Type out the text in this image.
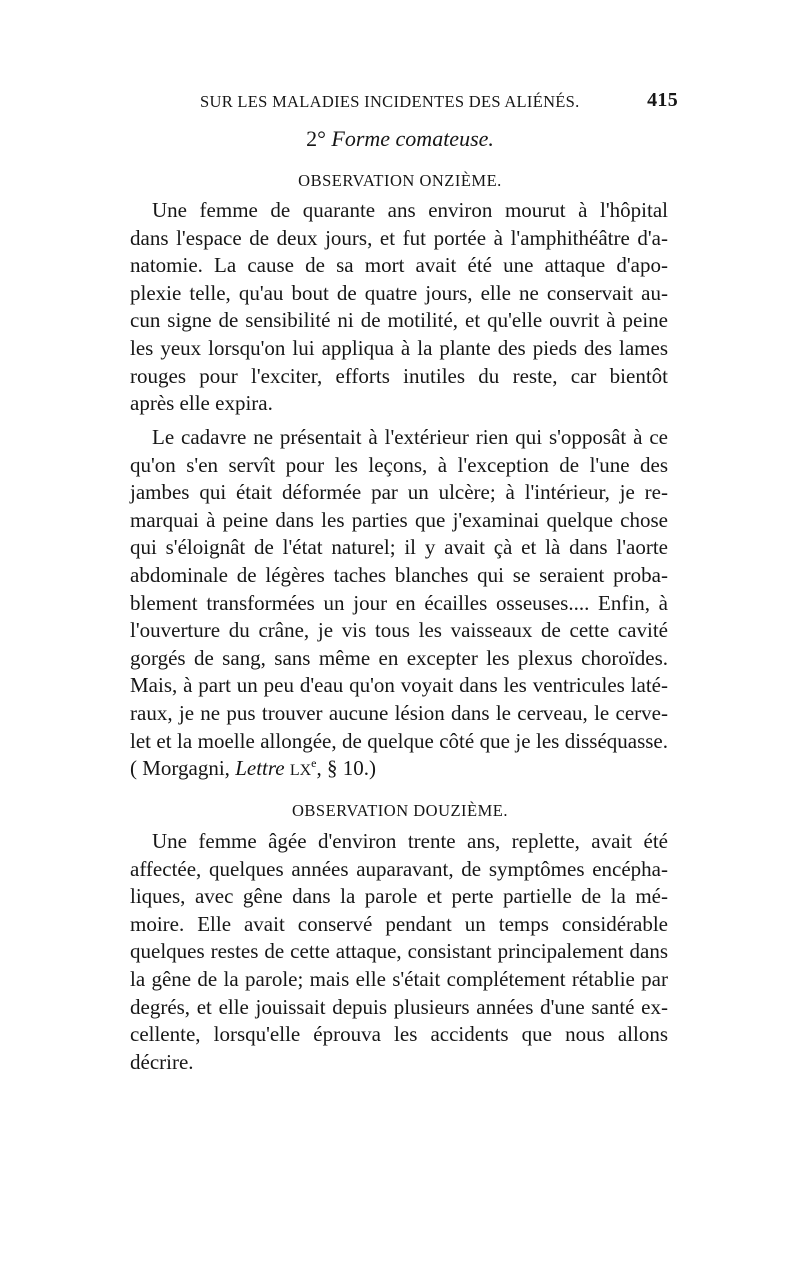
SUR LES MALADIES INCIDENTES DES ALIÉNÉS.	415
2° Forme comateuse.
OBSERVATION ONZIÈME.
Une femme de quarante ans environ mourut à l'hôpital
dans l'espace de deux jours, et fut portée à l'amphithéâtre d'a-
natomie. La cause de sa mort avait été une attaque d'apo-
plexie telle, qu'au bout de quatre jours, elle ne conservait au-
cun signe de sensibilité ni de motilité, et qu'elle ouvrit à peine
les yeux lorsqu'on lui appliqua à la plante des pieds des lames
rouges pour l'exciter, efforts inutiles du reste, car bientôt
après elle expira.
Le cadavre ne présentait à l'extérieur rien qui s'opposât à ce
qu'on s'en servît pour les leçons, à l'exception de l'une des
jambes qui était déformée par un ulcère; à l'intérieur, je re-
marquai à peine dans les parties que j'examinai quelque chose
qui s'éloignât de l'état naturel; il y avait çà et là dans l'aorte
abdominale de légères taches blanches qui se seraient proba-
blement transformées un jour en écailles osseuses.... Enfin, à
l'ouverture du crâne, je vis tous les vaisseaux de cette cavité
gorgés de sang, sans même en excepter les plexus choroïdes.
Mais, à part un peu d'eau qu'on voyait dans les ventricules laté-
raux, je ne pus trouver aucune lésion dans le cerveau, le cerve-
let et la moelle allongée, de quelque côté que je les disséquasse.
( Morgagni, Lettre LXe, § 10.)
OBSERVATION DOUZIÈME.
Une femme âgée d'environ trente ans, replette, avait été
affectée, quelques années auparavant, de symptômes encépha-
liques, avec gêne dans la parole et perte partielle de la mé-
moire. Elle avait conservé pendant un temps considérable
quelques restes de cette attaque, consistant principalement dans
la gêne de la parole; mais elle s'était complétement rétablie par
degrés, et elle jouissait depuis plusieurs années d'une santé ex-
cellente, lorsqu'elle éprouva les accidents que nous allons
décrire.
